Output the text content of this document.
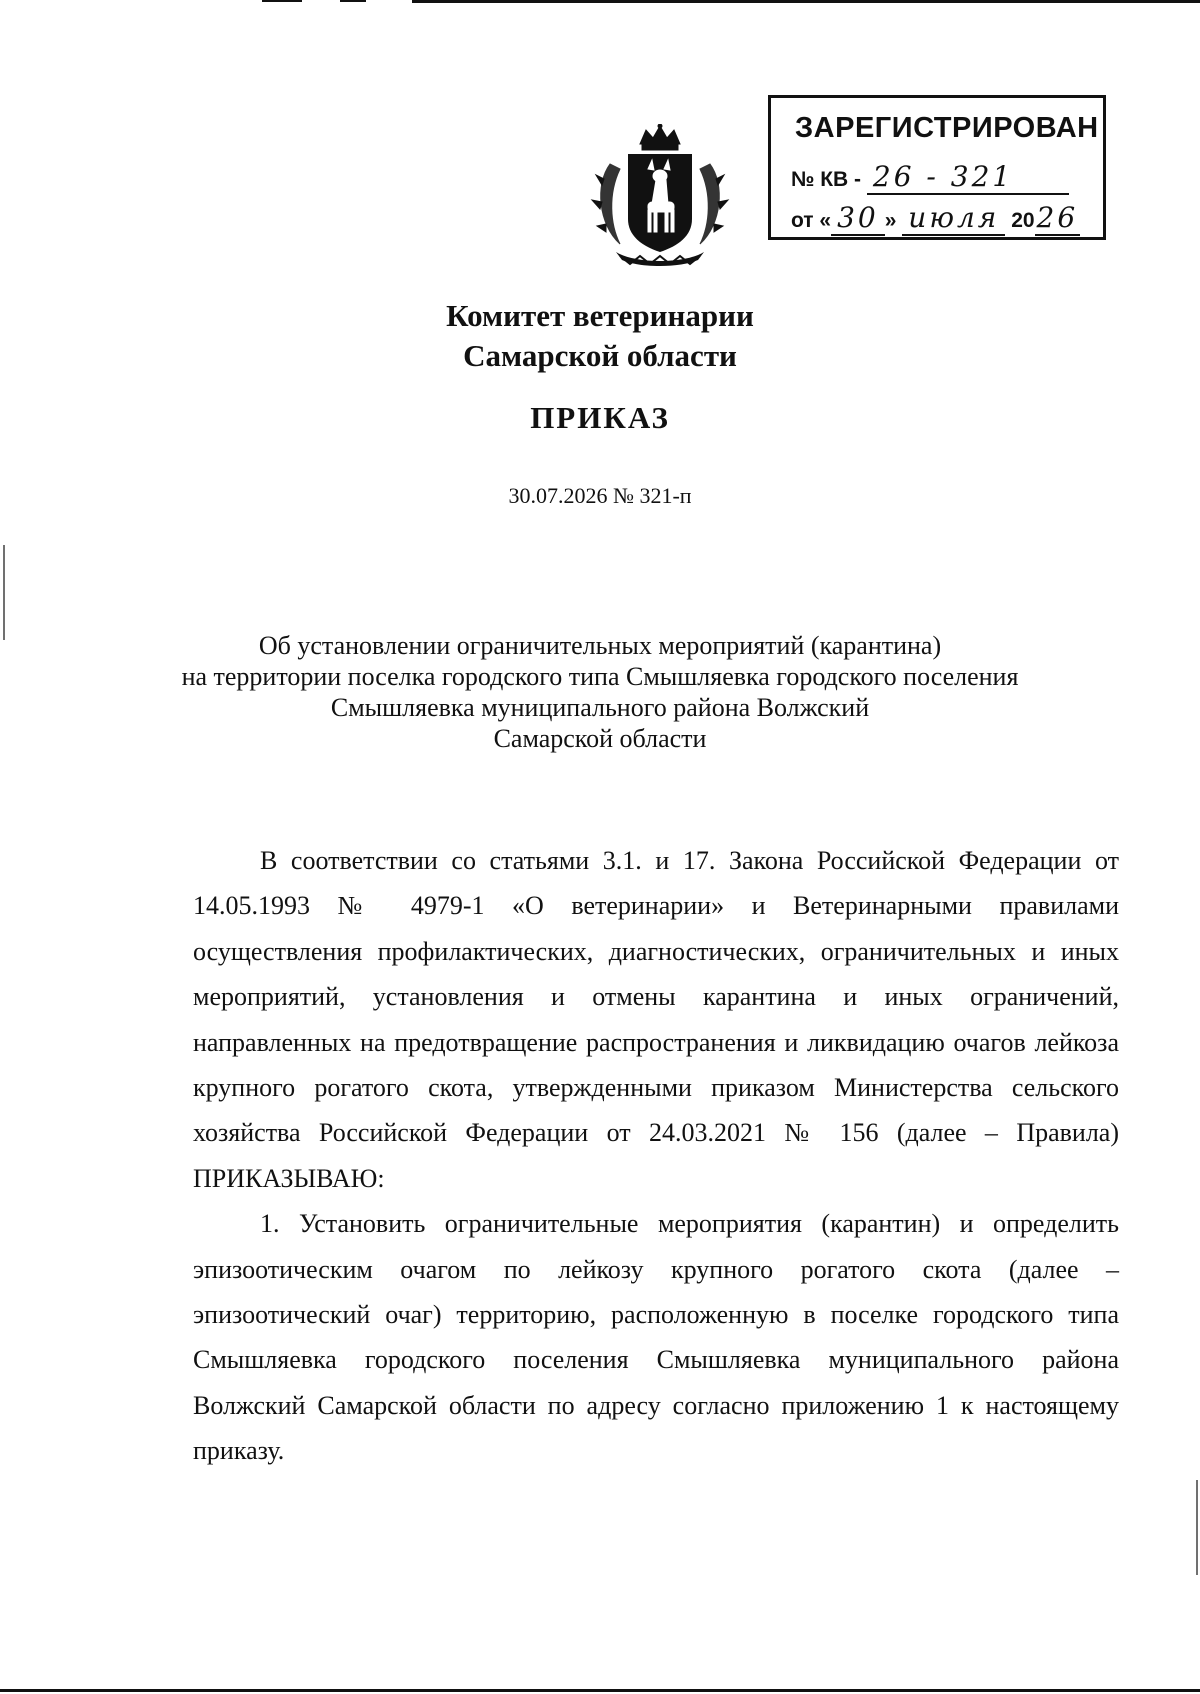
ЗАРЕГИСТРИРОВАН
№ КВ - 26 - 321
от « 30 » июля 2026
Комитет ветеринарии
Самарской области
ПРИКАЗ
30.07.2026 № 321-п
Об установлении ограничительных мероприятий (карантина)
на территории поселка городского типа Смышляевка городского поселения
Смышляевка муниципального района Волжский
Самарской области

В соответствии со статьями 3.1. и 17. Закона Российской Федерации от 14.05.1993 № 4979-1 «О ветеринарии» и Ветеринарными правилами осуществления профилактических, диагностических, ограничительных и иных мероприятий, установления и отмены карантина и иных ограничений, направленных на предотвращение распространения и ликвидацию очагов лейкоза крупного рогатого скота, утвержденными приказом Министерства сельского хозяйства Российской Федерации от 24.03.2021 № 156 (далее – Правила) ПРИКАЗЫВАЮ:

1. Установить ограничительные мероприятия (карантин) и определить эпизоотическим очагом по лейкозу крупного рогатого скота (далее – эпизоотический очаг) территорию, расположенную в поселке городского типа Смышляевка городского поселения Смышляевка муниципального района Волжский Самарской области по адресу согласно приложению 1 к настоящему приказу.
